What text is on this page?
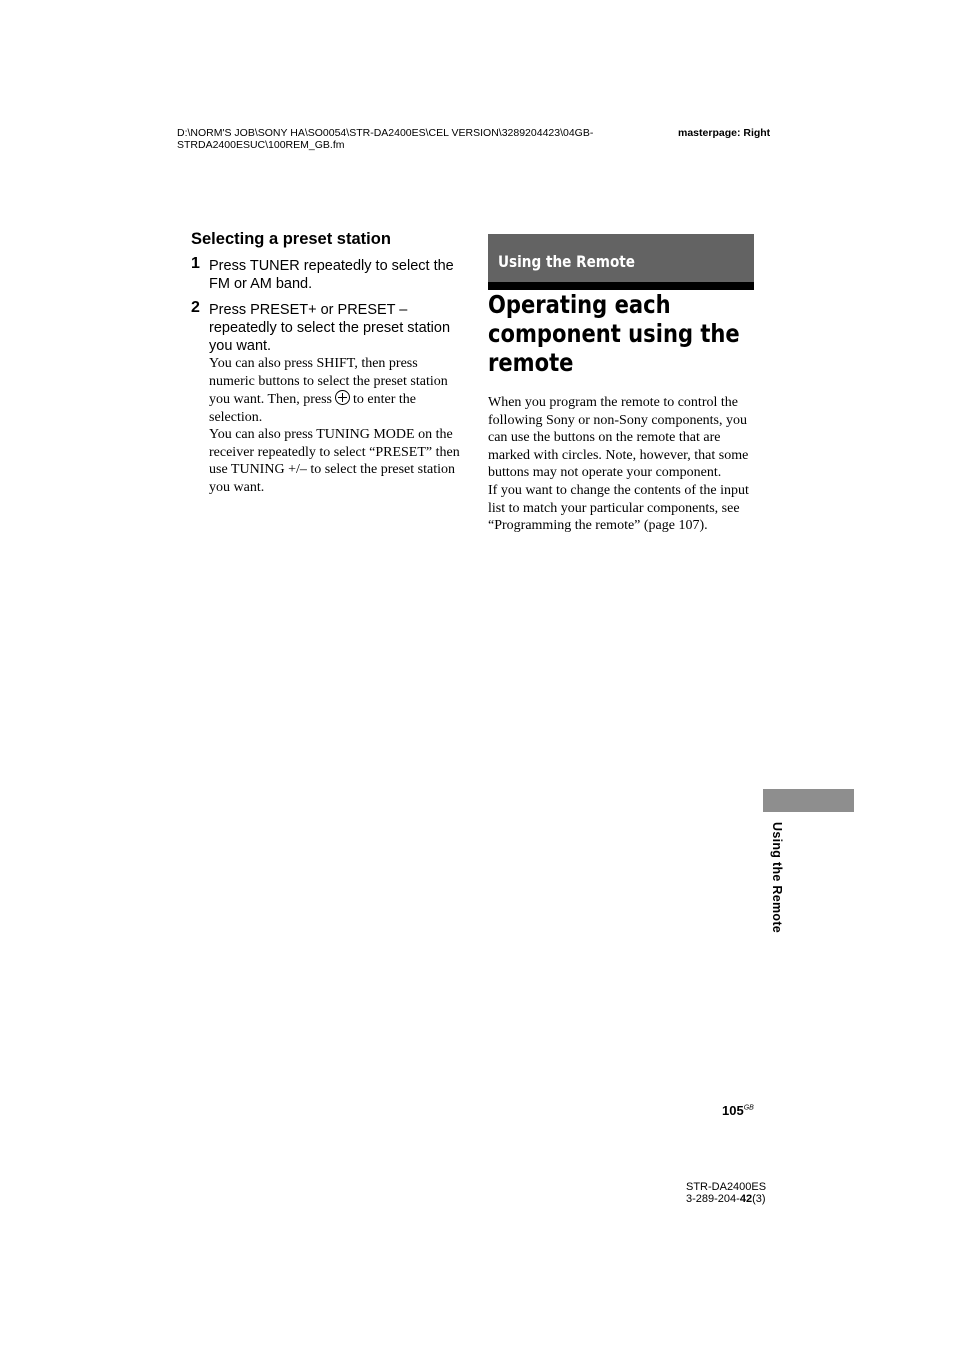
D:\NORM'S JOB\SONY HA\SO0054\STR-DA2400ES\CEL VERSION\3289204423\04GB-STRDA2400ESUC\100REM_GB.fm
masterpage: Right
Selecting a preset station
1 Press TUNER repeatedly to select the FM or AM band.
2 Press PRESET+ or PRESET – repeatedly to select the preset station you want.
You can also press SHIFT, then press numeric buttons to select the preset station you want. Then, press to enter the selection.
You can also press TUNING MODE on the receiver repeatedly to select “PRESET” then use TUNING +/– to select the preset station you want.
Using the Remote
Operating each component using the remote
When you program the remote to control the following Sony or non-Sony components, you can use the buttons on the remote that are marked with circles. Note, however, that some buttons may not operate your component.
If you want to change the contents of the input list to match your particular components, see “Programming the remote” (page 107).
Using the Remote
$105^{GB}$
STR-DA2400ES
3-289-204-42(3)
